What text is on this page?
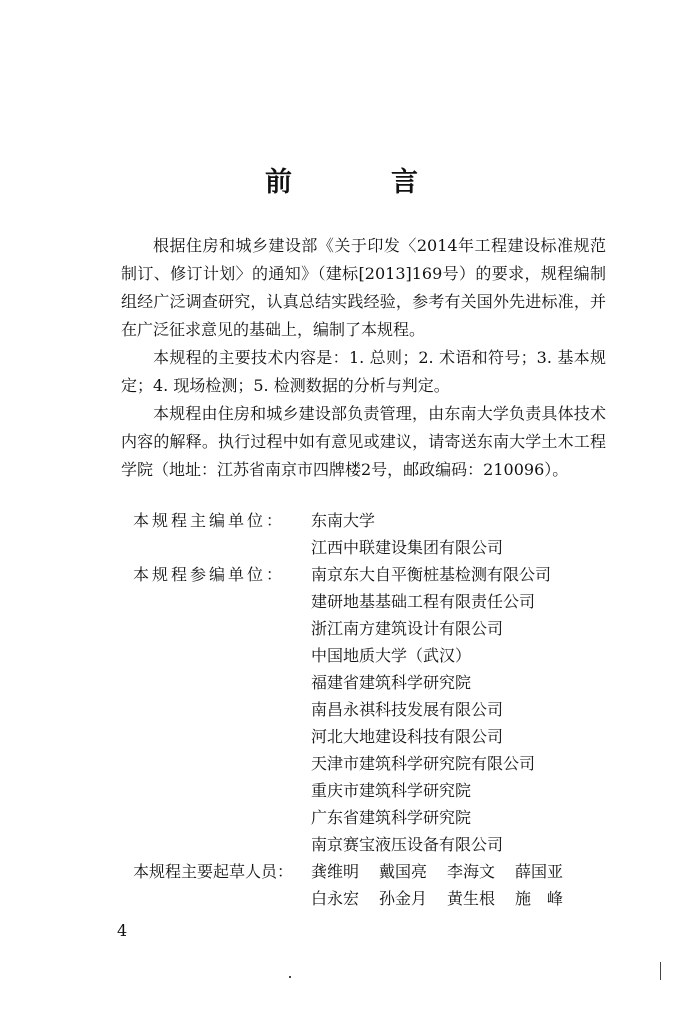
前　言

根据住房和城乡建设部《关于印发〈2014年工程建设标准规范制订、修订计划〉的通知》（建标[2013]169号）的要求，规程编制组经广泛调查研究，认真总结实践经验，参考有关国外先进标准，并在广泛征求意见的基础上，编制了本规程。

本规程的主要技术内容是：1. 总则；2. 术语和符号；3. 基本规定；4. 现场检测；5. 检测数据的分析与判定。

本规程由住房和城乡建设部负责管理，由东南大学负责具体技术内容的解释。执行过程中如有意见或建议，请寄送东南大学土木工程学院（地址：江苏省南京市四牌楼2号，邮政编码：210096）。

本规程主编单位：	东南大学
江西中联建设集团有限公司
本规程参编单位：	南京东大自平衡桩基检测有限公司
建研地基基础工程有限责任公司
浙江南方建筑设计有限公司
中国地质大学（武汉）
福建省建筑科学研究院
南昌永祺科技发展有限公司
河北大地建设科技有限公司
天津市建筑科学研究院有限公司
重庆市建筑科学研究院
广东省建筑科学研究院
南京赛宝液压设备有限公司
本规程主要起草人员：	龚维明 戴国亮 李海文 薛国亚
白永宏 孙金月 黄生根 施　峰
4
